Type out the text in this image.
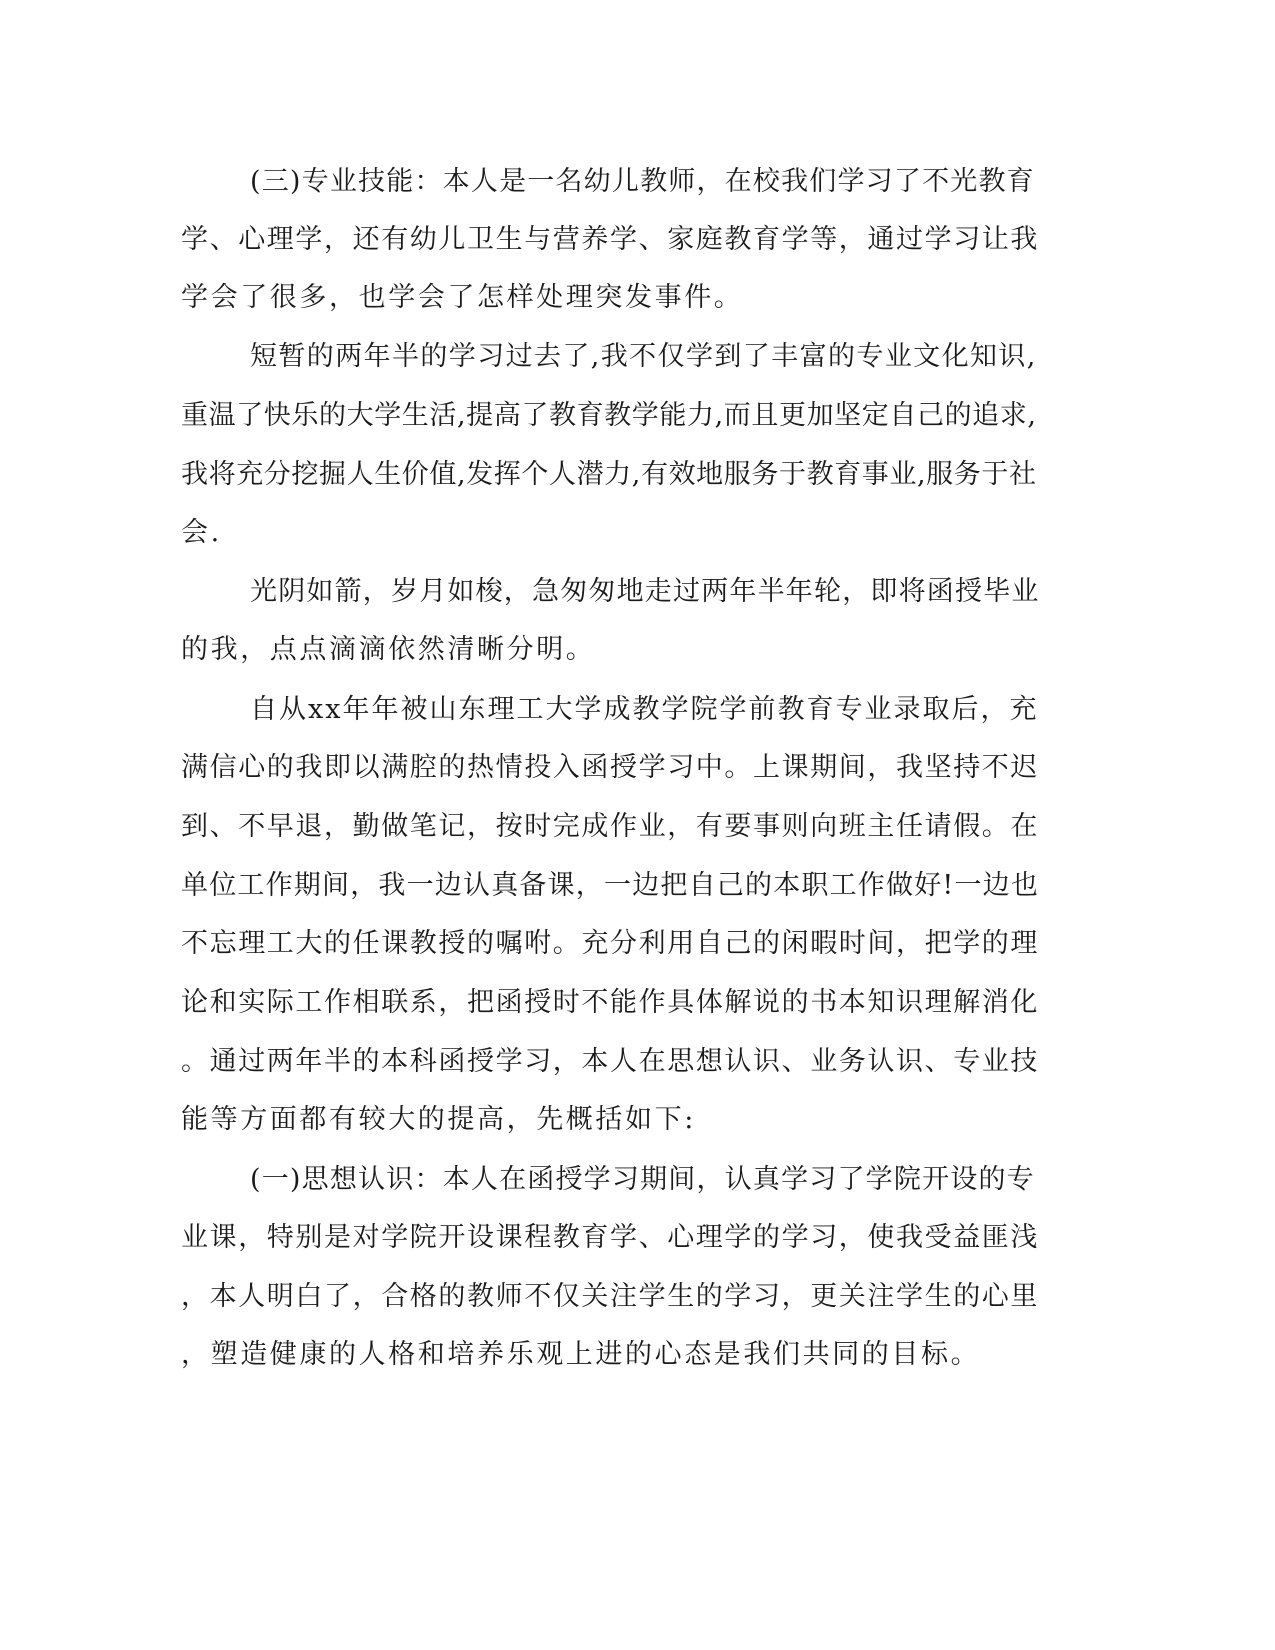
(三)专业技能：本人是一名幼儿教师，在校我们学习了不光教育
学、心理学，还有幼儿卫生与营养学、家庭教育学等，通过学习让我
学会了很多，也学会了怎样处理突发事件。
短暂的两年半的学习过去了,我不仅学到了丰富的专业文化知识,
重温了快乐的大学生活,提高了教育教学能力,而且更加坚定自己的追求,
我将充分挖掘人生价值,发挥个人潜力,有效地服务于教育事业,服务于社
会.
光阴如箭，岁月如梭，急匆匆地走过两年半年轮，即将函授毕业
的我，点点滴滴依然清晰分明。
自从xx年年被山东理工大学成教学院学前教育专业录取后，充
满信心的我即以满腔的热情投入函授学习中。上课期间，我坚持不迟
到、不早退，勤做笔记，按时完成作业，有要事则向班主任请假。在
单位工作期间，我一边认真备课，一边把自己的本职工作做好!一边也
不忘理工大的任课教授的嘱咐。充分利用自己的闲暇时间，把学的理
论和实际工作相联系，把函授时不能作具体解说的书本知识理解消化
。通过两年半的本科函授学习，本人在思想认识、业务认识、专业技
能等方面都有较大的提高，先概括如下:
(一)思想认识：本人在函授学习期间，认真学习了学院开设的专
业课，特别是对学院开设课程教育学、心理学的学习，使我受益匪浅
，本人明白了，合格的教师不仅关注学生的学习，更关注学生的心里
，塑造健康的人格和培养乐观上进的心态是我们共同的目标。
